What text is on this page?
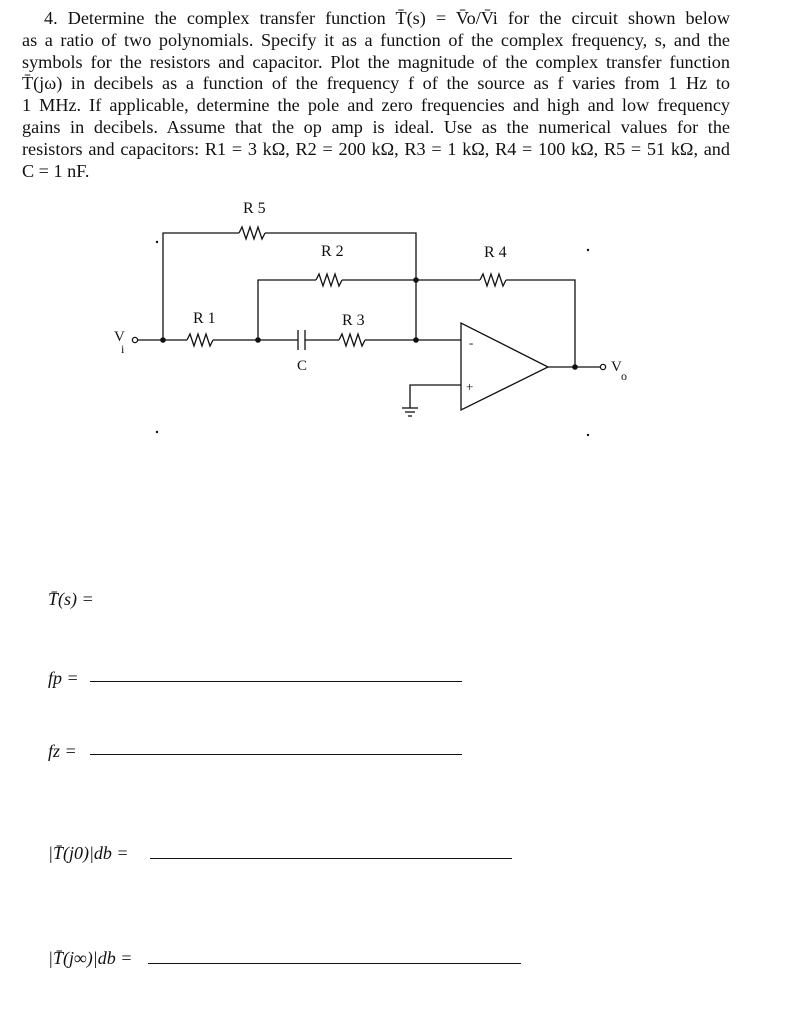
4. Determine the complex transfer function T̄(s) = V̄o/V̄i for the circuit shown below
as a ratio of two polynomials. Specify it as a function of the complex frequency, s, and the
symbols for the resistors and capacitor. Plot the magnitude of the complex transfer function
T̄(jω) in decibels as a function of the frequency f of the source as f varies from 1 Hz to
1 MHz. If applicable, determine the pole and zero frequencies and high and low frequency
gains in decibels. Assume that the op amp is ideal. Use as the numerical values for the
resistors and capacitors: R1 = 3 kΩ, R2 = 200 kΩ, R3 = 1 kΩ, R4 = 100 kΩ, R5 = 51 kΩ, and
C = 1 nF.
R 5
R 2	R 4
V
i
R 1	R 3
C
-
+
V
o
T̄(s) =
fp =
fz =
|T̄(j0)|db =
|T̄(j∞)|db =
